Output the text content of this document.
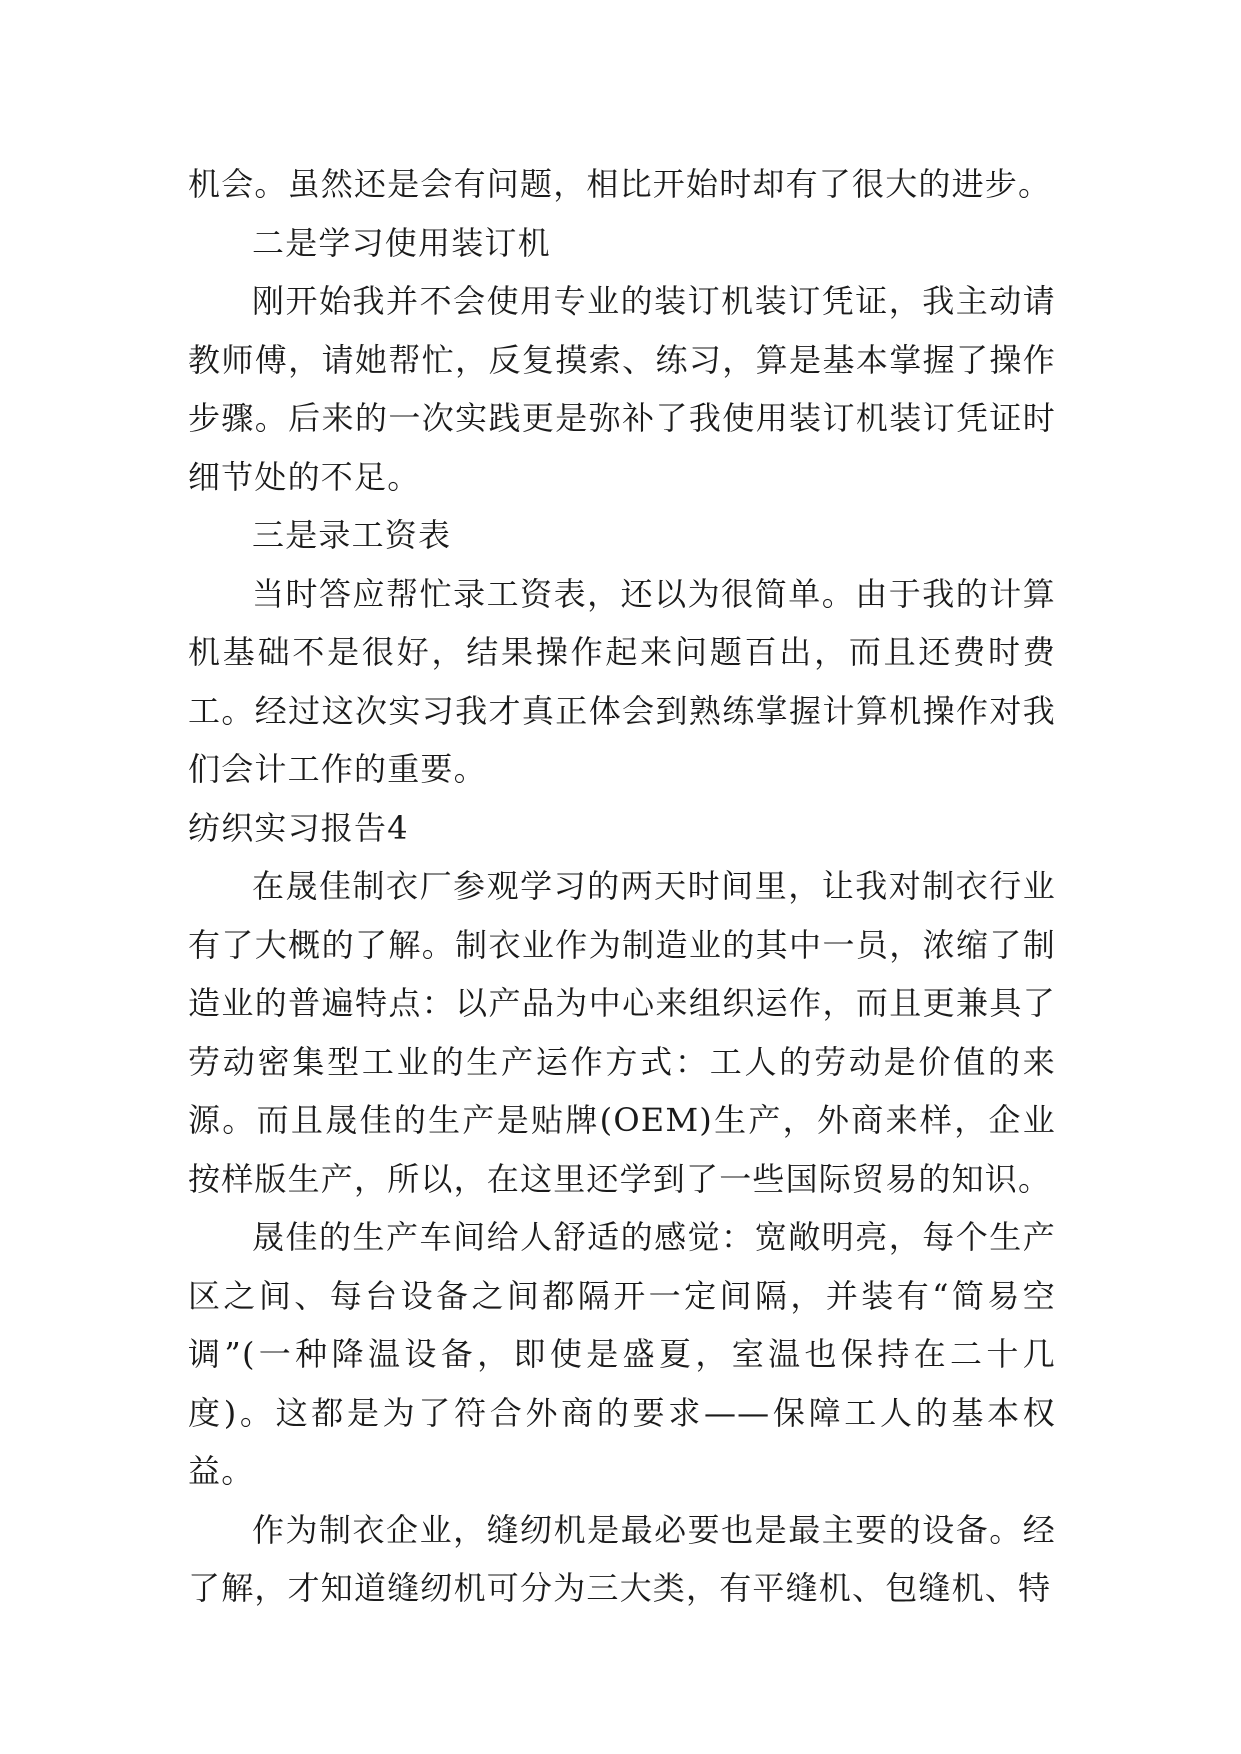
机会。虽然还是会有问题，相比开始时却有了很大的进步。

二是学习使用装订机

刚开始我并不会使用专业的装订机装订凭证，我主动请教师傅，请她帮忙，反复摸索、练习，算是基本掌握了操作步骤。后来的一次实践更是弥补了我使用装订机装订凭证时细节处的不足。

三是录工资表

当时答应帮忙录工资表，还以为很简单。由于我的计算机基础不是很好，结果操作起来问题百出，而且还费时费工。经过这次实习我才真正体会到熟练掌握计算机操作对我们会计工作的重要。

纺织实习报告4

在晟佳制衣厂参观学习的两天时间里，让我对制衣行业有了大概的了解。制衣业作为制造业的其中一员，浓缩了制造业的普遍特点：以产品为中心来组织运作，而且更兼具了劳动密集型工业的生产运作方式：工人的劳动是价值的来源。而且晟佳的生产是贴牌(OEM)生产，外商来样，企业按样版生产，所以，在这里还学到了一些国际贸易的知识。

晟佳的生产车间给人舒适的感觉：宽敞明亮，每个生产区之间、每台设备之间都隔开一定间隔，并装有“简易空调”(一种降温设备，即使是盛夏，室温也保持在二十几度)。这都是为了符合外商的要求——保障工人的基本权益。

作为制衣企业，缝纫机是最必要也是最主要的设备。经了解，才知道缝纫机可分为三大类，有平缝机、包缝机、特
